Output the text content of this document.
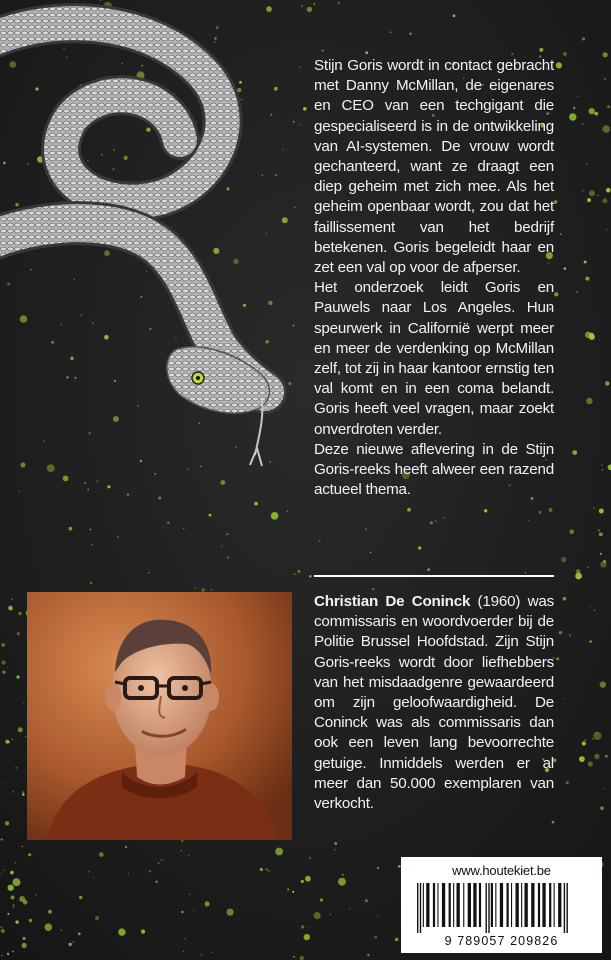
Stijn Goris wordt in contact gebracht met Danny McMillan, de eigenares en CEO van een techgigant die gespecialiseerd is in de ontwikkeling van AI-systemen. De vrouw wordt gechanteerd, want ze draagt een diep geheim met zich mee. Als het geheim openbaar wordt, zou dat het faillissement van het bedrijf betekenen. Goris begeleidt haar en zet een val op voor de afperser.

Het onderzoek leidt Goris en Pauwels naar Los Angeles. Hun speurwerk in Californië werpt meer en meer de verdenking op McMillan zelf, tot zij in haar kantoor ernstig ten val komt en in een coma belandt. Goris heeft veel vragen, maar zoekt onverdroten verder.

Deze nieuwe aflevering in de Stijn Goris-reeks heeft alweer een razend actueel thema.

Christian De Coninck (1960) was commissaris en woordvoerder bij de Politie Brussel Hoofdstad. Zijn Stijn Goris-reeks wordt door liefhebbers van het misdaadgenre gewaardeerd om zijn geloofwaardigheid. De Coninck was als commissaris dan ook een leven lang bevoorrechte getuige. Inmiddels werden er al meer dan 50.000 exemplaren van verkocht.

www.houtekiet.be
9 789057 209826
